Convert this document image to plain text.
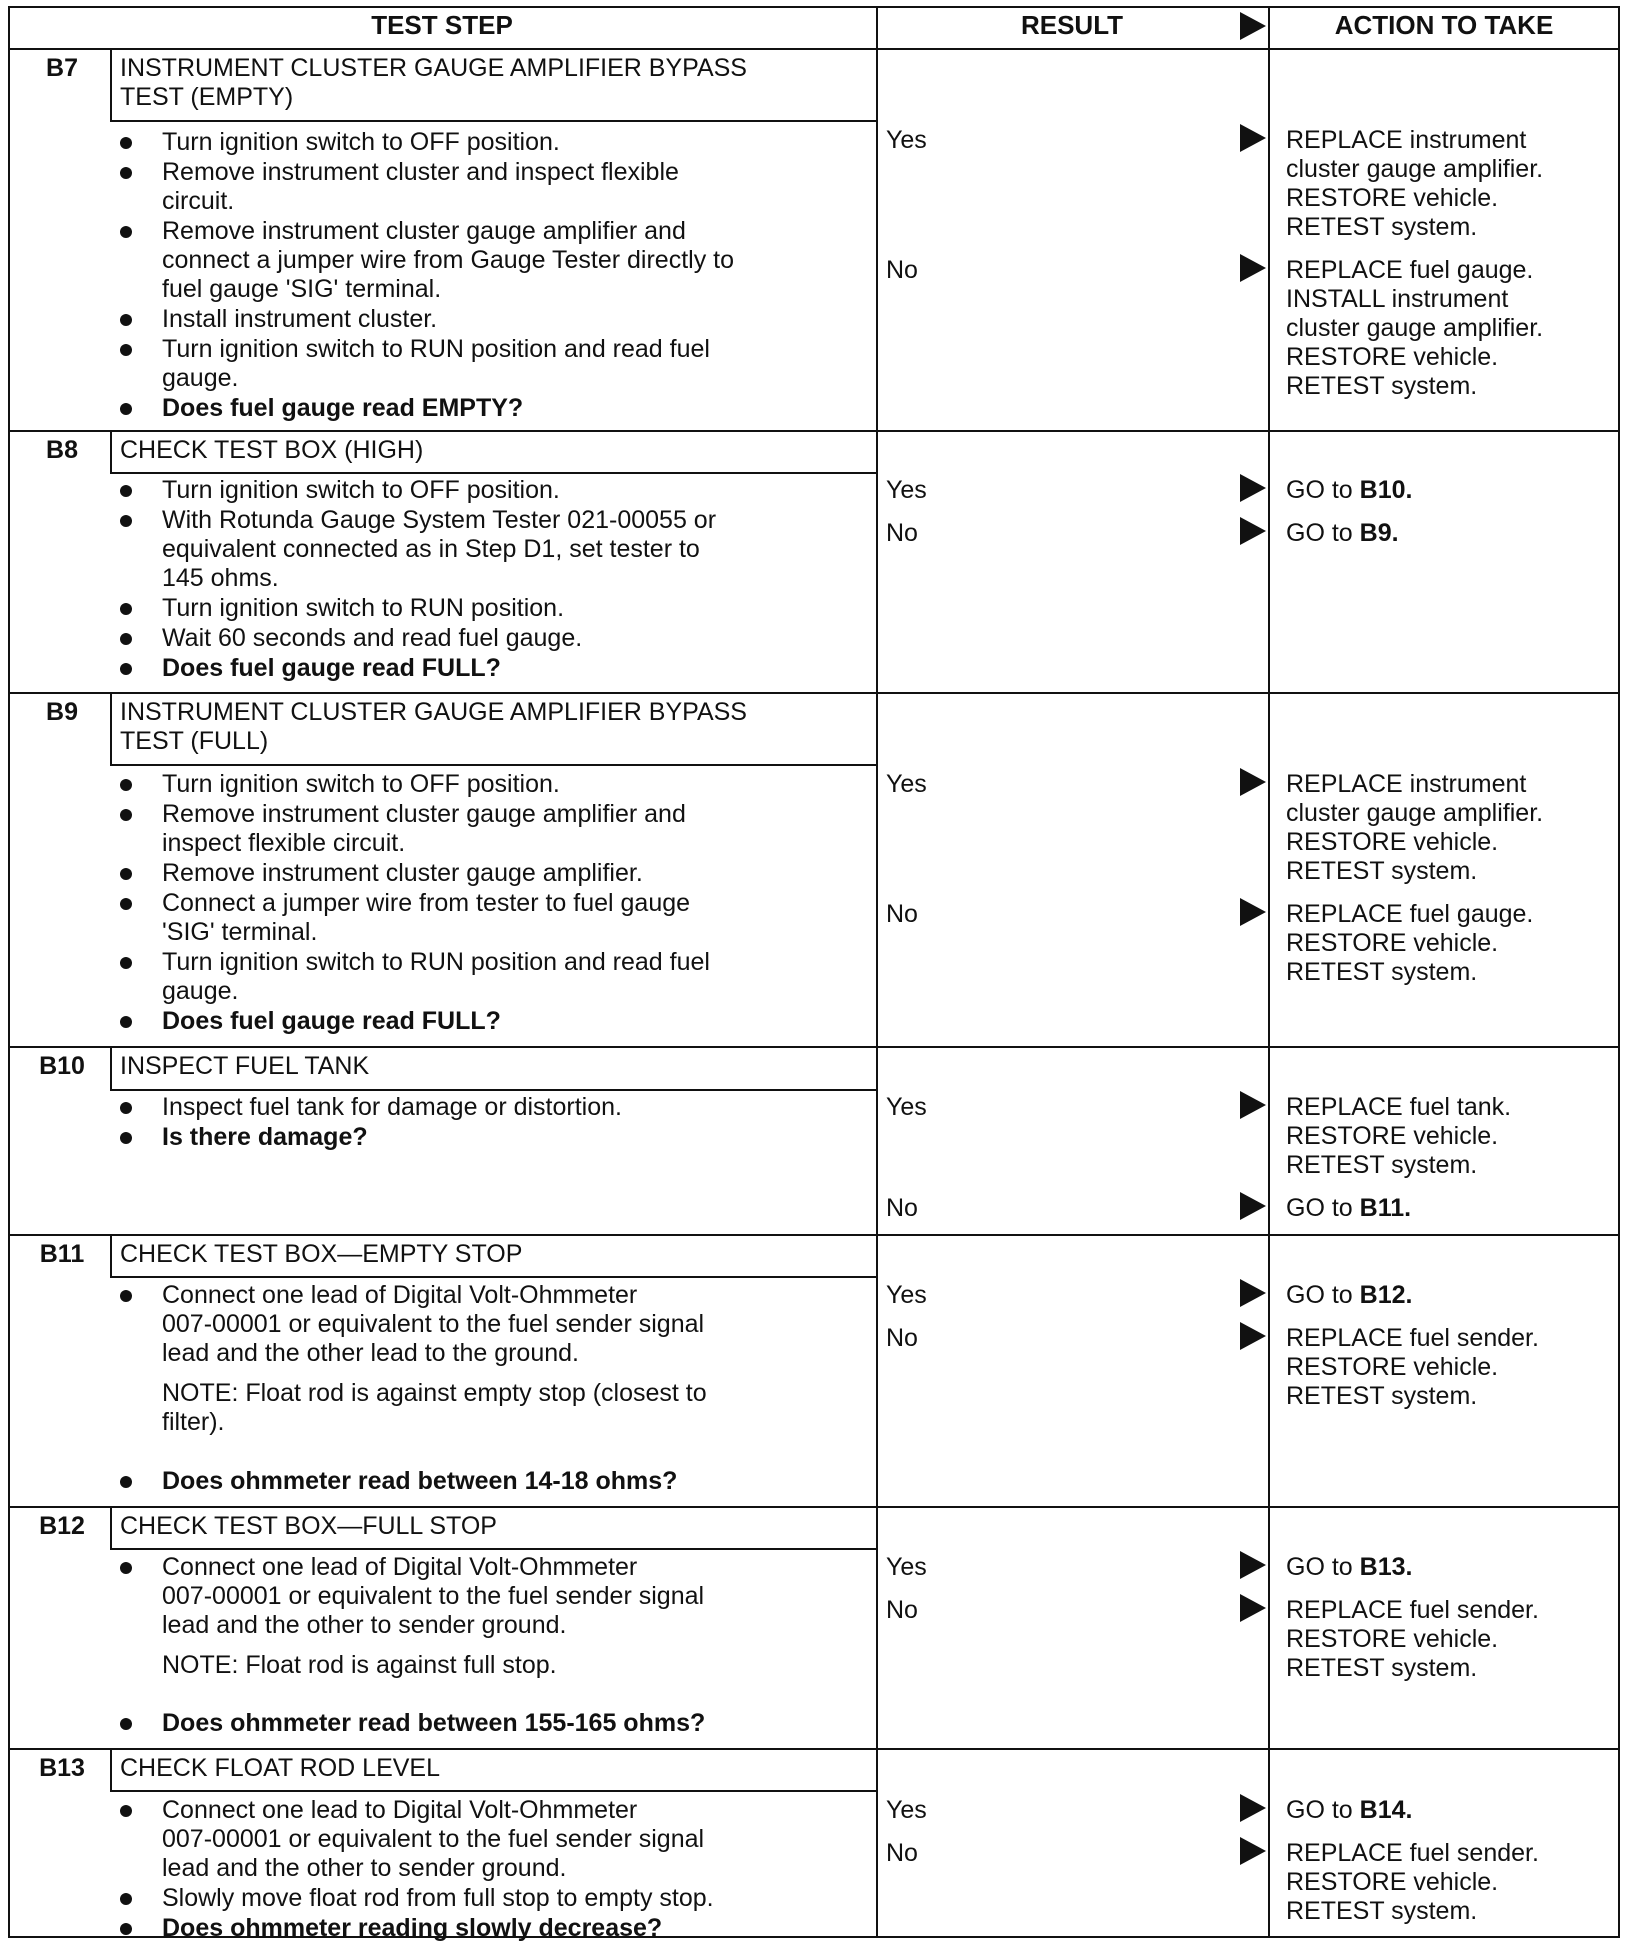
TEST STEP	RESULT	ACTION TO TAKE
B7	INSTRUMENT CLUSTER GAUGE AMPLIFIER BYPASS
TEST (EMPTY)
Turn ignition switch to OFF position.
Remove instrument cluster and inspect flexible
circuit.
Remove instrument cluster gauge amplifier and
connect a jumper wire from Gauge Tester directly to
fuel gauge 'SIG' terminal.
Install instrument cluster.
Turn ignition switch to RUN position and read fuel
gauge.
Does fuel gauge read EMPTY?
Yes	REPLACE instrument
cluster gauge amplifier.
RESTORE vehicle.
RETEST system.
No	REPLACE fuel gauge.
INSTALL instrument
cluster gauge amplifier.
RESTORE vehicle.
RETEST system.
B8	CHECK TEST BOX (HIGH)
Turn ignition switch to OFF position.
With Rotunda Gauge System Tester 021-00055 or
equivalent connected as in Step D1, set tester to
145 ohms.
Turn ignition switch to RUN position.
Wait 60 seconds and read fuel gauge.
Does fuel gauge read FULL?
Yes	GO to B10.
No	GO to B9.
B9	INSTRUMENT CLUSTER GAUGE AMPLIFIER BYPASS
TEST (FULL)
Turn ignition switch to OFF position.
Remove instrument cluster gauge amplifier and
inspect flexible circuit.
Remove instrument cluster gauge amplifier.
Connect a jumper wire from tester to fuel gauge
'SIG' terminal.
Turn ignition switch to RUN position and read fuel
gauge.
Does fuel gauge read FULL?
Yes	REPLACE instrument
cluster gauge amplifier.
RESTORE vehicle.
RETEST system.
No	REPLACE fuel gauge.
RESTORE vehicle.
RETEST system.
B10	INSPECT FUEL TANK
Inspect fuel tank for damage or distortion.
Is there damage?
Yes	REPLACE fuel tank.
RESTORE vehicle.
RETEST system.
No	GO to B11.
B11	CHECK TEST BOX—EMPTY STOP
Connect one lead of Digital Volt-Ohmmeter
007-00001 or equivalent to the fuel sender signal
lead and the other lead to the ground.
NOTE: Float rod is against empty stop (closest to
filter).
Does ohmmeter read between 14-18 ohms?
Yes	GO to B12.
No	REPLACE fuel sender.
RESTORE vehicle.
RETEST system.
B12	CHECK TEST BOX—FULL STOP
Connect one lead of Digital Volt-Ohmmeter
007-00001 or equivalent to the fuel sender signal
lead and the other to sender ground.
NOTE: Float rod is against full stop.
Does ohmmeter read between 155-165 ohms?
Yes	GO to B13.
No	REPLACE fuel sender.
RESTORE vehicle.
RETEST system.
B13	CHECK FLOAT ROD LEVEL
Connect one lead to Digital Volt-Ohmmeter
007-00001 or equivalent to the fuel sender signal
lead and the other to sender ground.
Slowly move float rod from full stop to empty stop.
Does ohmmeter reading slowly decrease?
Yes	GO to B14.
No	REPLACE fuel sender.
RESTORE vehicle.
RETEST system.
